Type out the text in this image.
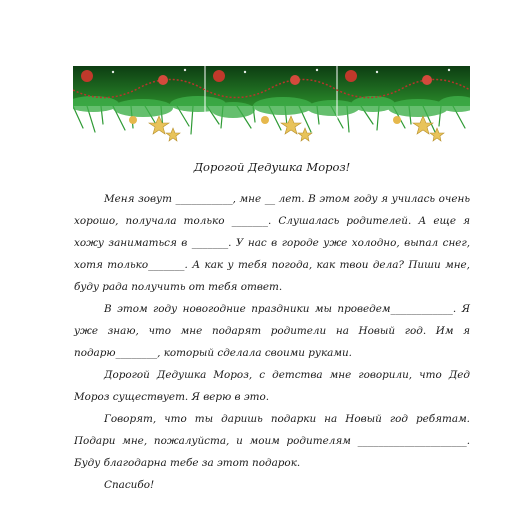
Дорогой Дедушка Мороз!

Меня зовут ___________, мне __ лет. В этом году я училась очень хорошо, получала только _______. Слушалась родителей. А еще я хожу заниматься в _______. У нас в городе уже холодно, выпал снег, хотя только_______. А как у тебя погода, как твои дела? Пиши мне, буду рада получить от тебя ответ.

В этом году новогодние праздники мы проведем____________. Я уже знаю, что мне подарят родители на Новый год. Им я подарю________, который сделала своими руками.

Дорогой Дедушка Мороз, с детства мне говорили, что Дед Мороз существует. Я верю в это.

Говорят, что ты даришь подарки на Новый год ребятам. Подари мне, пожалуйста, и моим родителям _____________________. Буду благодарна тебе за этот подарок.

Спасибо!
